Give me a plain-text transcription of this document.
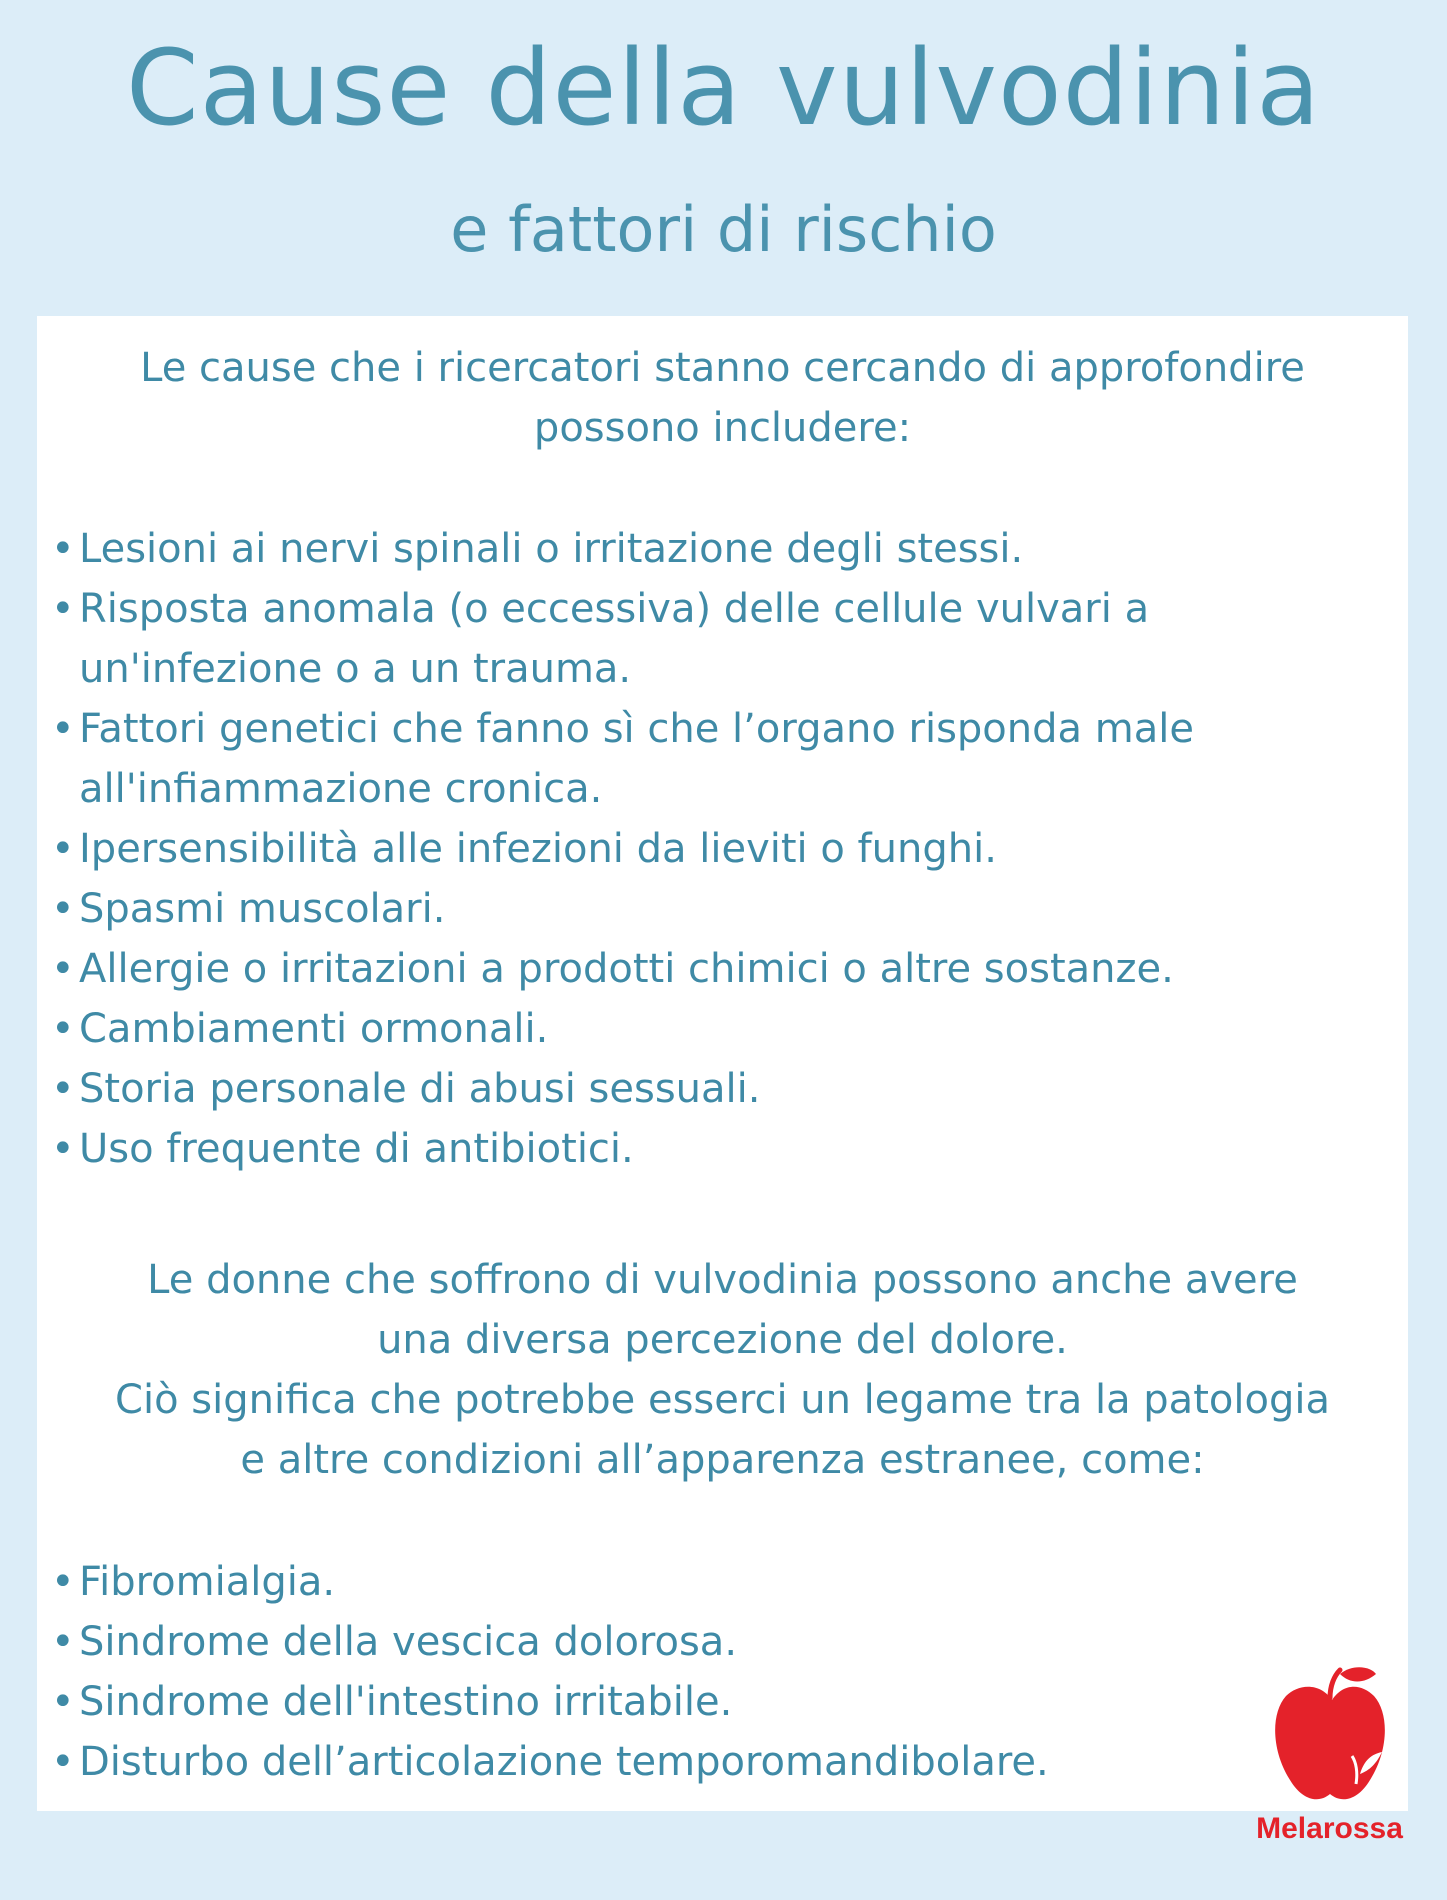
Cause della vulvodinia
e fattori di rischio

Le cause che i ricercatori stanno cercando di approfondire
possono includere:

• Lesioni ai nervi spinali o irritazione degli stessi.
• Risposta anomala (o eccessiva) delle cellule vulvari a un'infezione o a un trauma.
• Fattori genetici che fanno sì che l’organo risponda male all'infiammazione cronica.
• Ipersensibilità alle infezioni da lieviti o funghi.
• Spasmi muscolari.
• Allergie o irritazioni a prodotti chimici o altre sostanze.
• Cambiamenti ormonali.
• Storia personale di abusi sessuali.
• Uso frequente di antibiotici.

Le donne che soffrono di vulvodinia possono anche avere
una diversa percezione del dolore.
Ciò significa che potrebbe esserci un legame tra la patologia
e altre condizioni all’apparenza estranee, come:

• Fibromialgia.
• Sindrome della vescica dolorosa.
• Sindrome dell'intestino irritabile.
• Disturbo dell’articolazione temporomandibolare.
Melarossa
